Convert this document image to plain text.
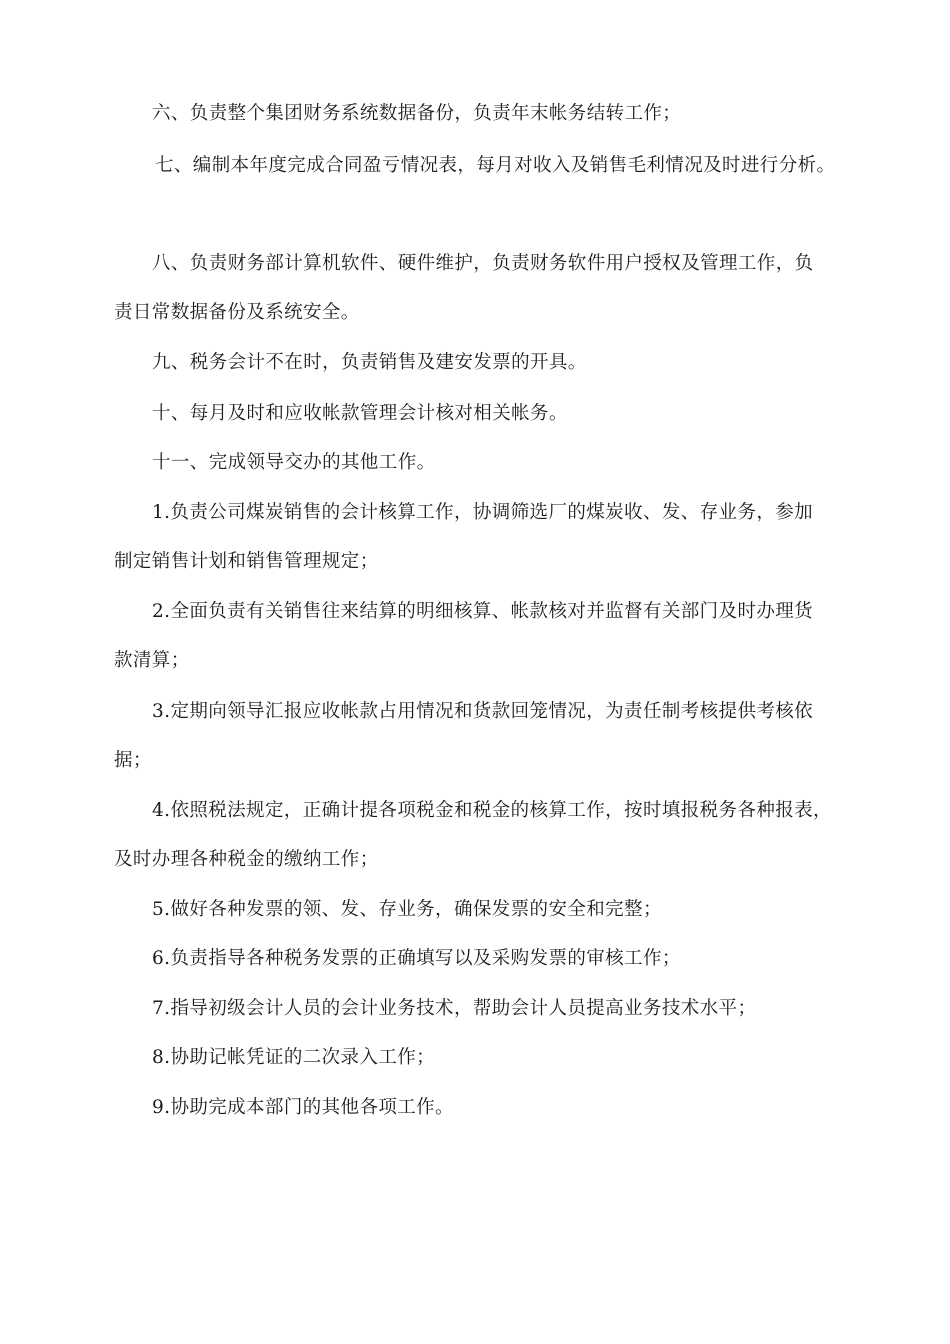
六、负责整个集团财务系统数据备份，负责年末帐务结转工作；
七、编制本年度完成合同盈亏情况表，每月对收入及销售毛利情况及时进行分析。
八、负责财务部计算机软件、硬件维护，负责财务软件用户授权及管理工作，负
责日常数据备份及系统安全。
九、税务会计不在时，负责销售及建安发票的开具。
十、每月及时和应收帐款管理会计核对相关帐务。
十一、完成领导交办的其他工作。
1.负责公司煤炭销售的会计核算工作，协调筛选厂的煤炭收、发、存业务，参加
制定销售计划和销售管理规定；
2.全面负责有关销售往来结算的明细核算、帐款核对并监督有关部门及时办理货
款清算；
3.定期向领导汇报应收帐款占用情况和货款回笼情况，为责任制考核提供考核依
据；
4.依照税法规定，正确计提各项税金和税金的核算工作，按时填报税务各种报表，
及时办理各种税金的缴纳工作；
5.做好各种发票的领、发、存业务，确保发票的安全和完整；
6.负责指导各种税务发票的正确填写以及采购发票的审核工作；
7.指导初级会计人员的会计业务技术，帮助会计人员提高业务技术水平；
8.协助记帐凭证的二次录入工作；
9.协助完成本部门的其他各项工作。
